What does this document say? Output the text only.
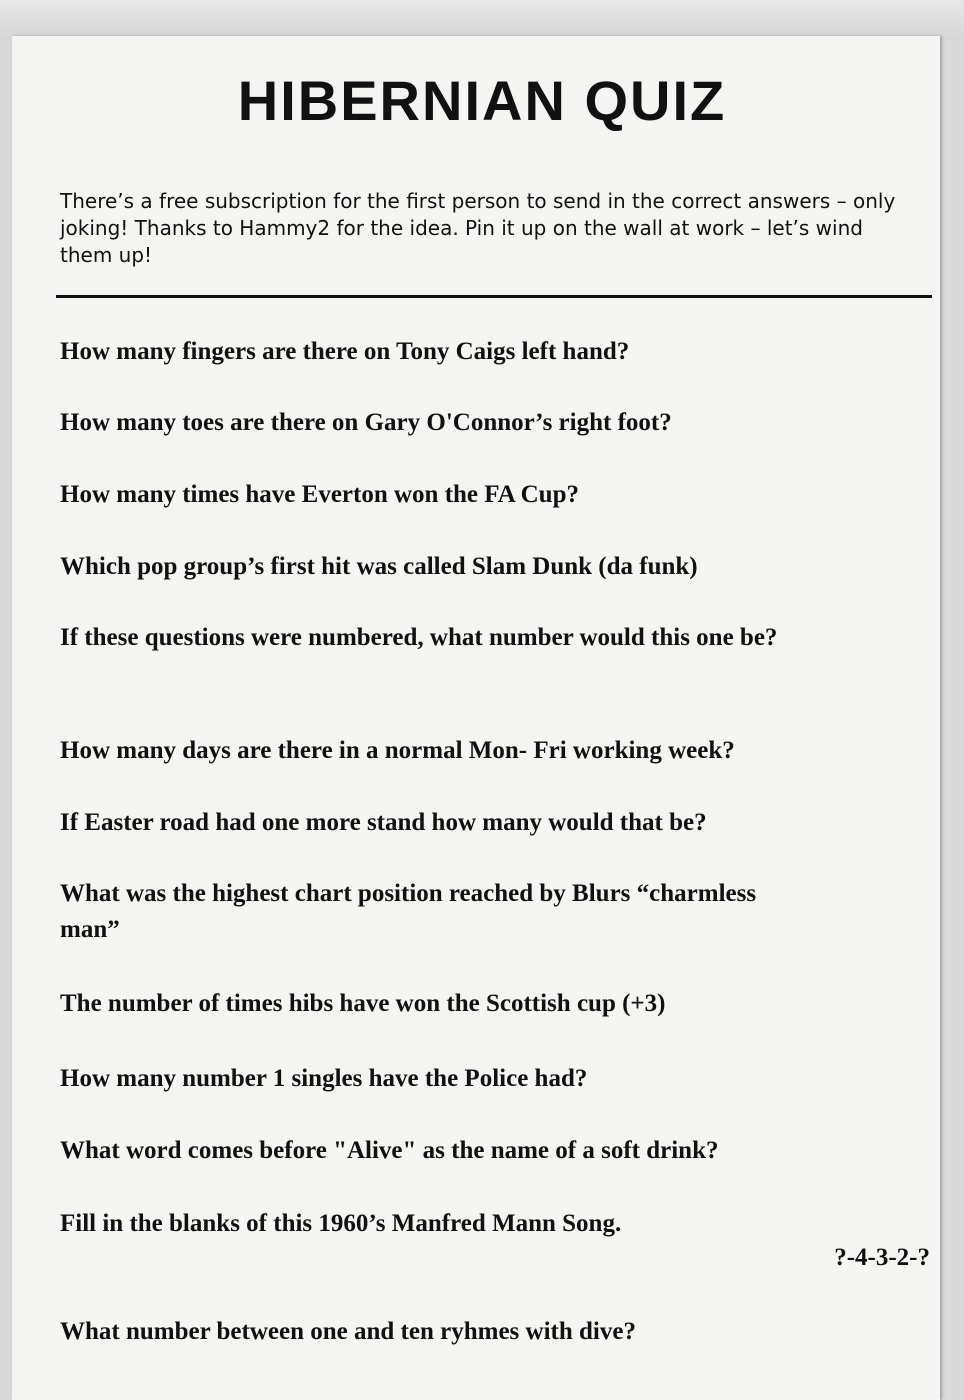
HIBERNIAN QUIZ
There’s a free subscription for the first person to send in the correct answers – only joking! Thanks to Hammy2 for the idea. Pin it up on the wall at work – let’s wind them up!
How many fingers are there on Tony Caigs left hand?
How many toes are there on Gary O'Connor’s right foot?
How many times have Everton won the FA Cup?
Which pop group’s first hit was called Slam Dunk (da funk)
If these questions were numbered, what number would this one be?
How many days are there in a normal Mon- Fri working week?
If Easter road had one more stand how many would that be?
What was the highest chart position reached by Blurs “charmless man”
The number of times hibs have won the Scottish cup (+3)
How many number 1 singles have the Police had?
What word comes before "Alive" as the name of a soft drink?
Fill in the blanks of this 1960’s Manfred Mann Song.
?-4-3-2-?
What number between one and ten ryhmes with dive?
